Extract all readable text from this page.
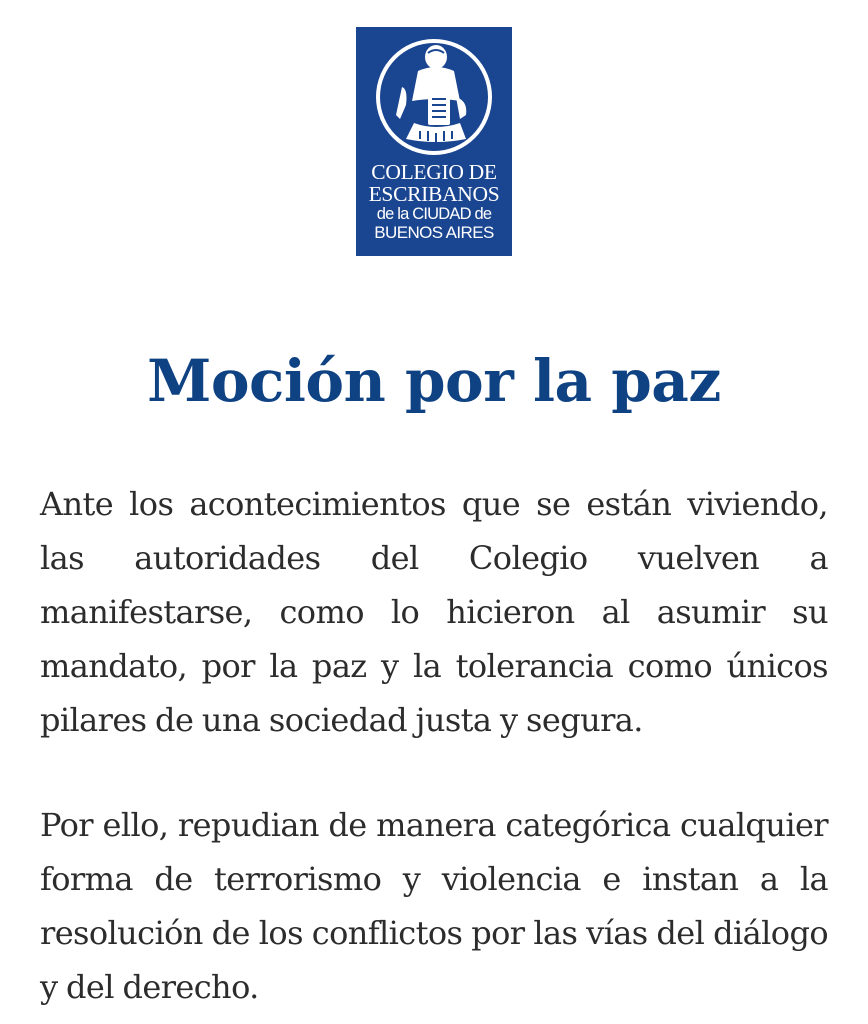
COLEGIO DE
ESCRIBANOS
de la CIUDAD de
BUENOS AIRES
Moción por la paz

Ante los acontecimientos que se están viviendo, las autoridades del Colegio vuelven a manifestarse, como lo hicieron al asumir su mandato, por la paz y la tolerancia como únicos pilares de una sociedad justa y segura.

Por ello, repudian de manera categórica cualquier forma de terrorismo y violencia e instan a la resolución de los conflictos por las vías del diálogo y del derecho.
